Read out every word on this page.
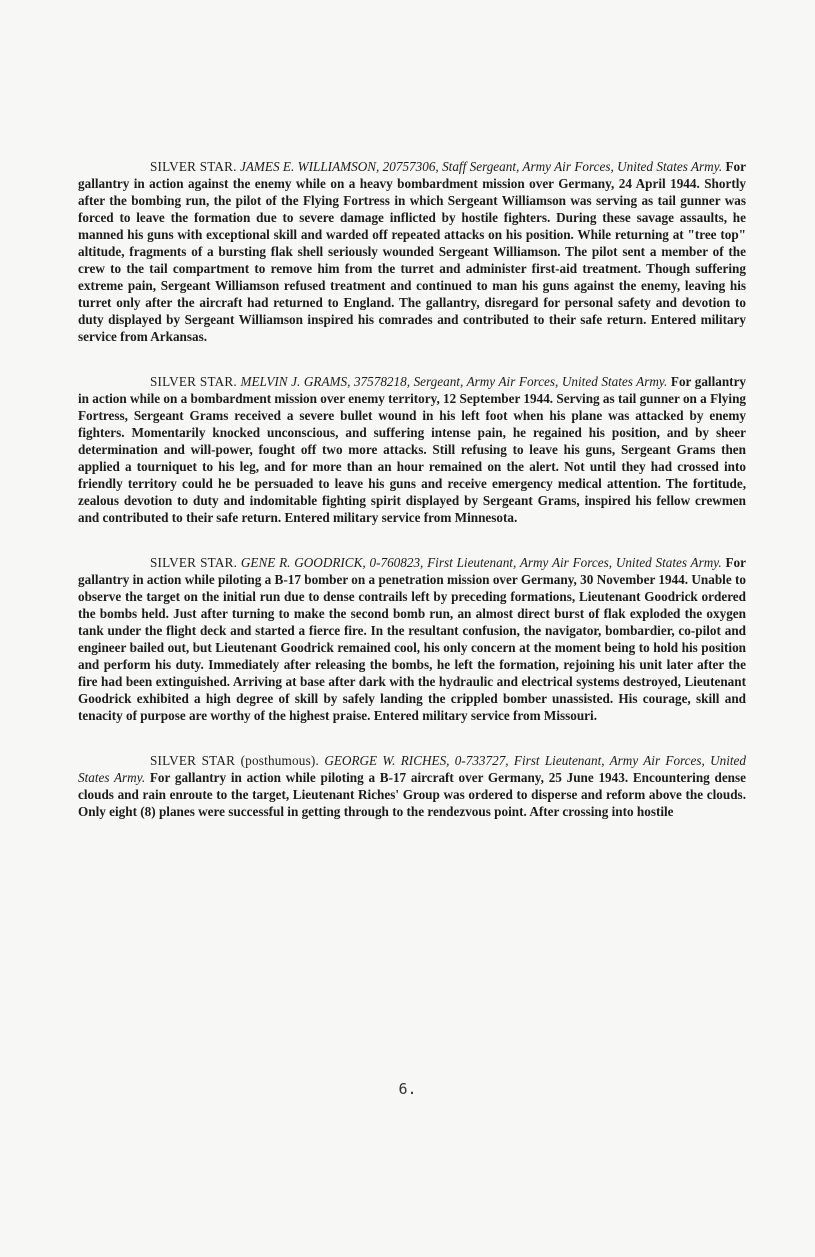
SILVER STAR. JAMES E. WILLIAMSON, 20757306, Staff Sergeant, Army Air Forces, United States Army. For gallantry in action against the enemy while on a heavy bombardment mission over Germany, 24 April 1944. Shortly after the bombing run, the pilot of the Flying Fortress in which Sergeant Williamson was serving as tail gunner was forced to leave the formation due to severe damage inflicted by hostile fighters. During these savage assaults, he manned his guns with exceptional skill and warded off repeated attacks on his position. While returning at "tree top" altitude, fragments of a bursting flak shell seriously wounded Sergeant Williamson. The pilot sent a member of the crew to the tail compartment to remove him from the turret and administer first-aid treatment. Though suffering extreme pain, Sergeant Williamson refused treatment and continued to man his guns against the enemy, leaving his turret only after the aircraft had returned to England. The gallantry, disregard for personal safety and devotion to duty displayed by Sergeant Williamson inspired his comrades and contributed to their safe return. Entered military service from Arkansas.

SILVER STAR. MELVIN J. GRAMS, 37578218, Sergeant, Army Air Forces, United States Army. For gallantry in action while on a bombardment mission over enemy territory, 12 September 1944. Serving as tail gunner on a Flying Fortress, Sergeant Grams received a severe bullet wound in his left foot when his plane was attacked by enemy fighters. Momentarily knocked unconscious, and suffering intense pain, he regained his position, and by sheer determination and will-power, fought off two more attacks. Still refusing to leave his guns, Sergeant Grams then applied a tourniquet to his leg, and for more than an hour remained on the alert. Not until they had crossed into friendly territory could he be persuaded to leave his guns and receive emergency medical attention. The fortitude, zealous devotion to duty and indomitable fighting spirit displayed by Sergeant Grams, inspired his fellow crewmen and contributed to their safe return. Entered military service from Minnesota.

SILVER STAR. GENE R. GOODRICK, 0-760823, First Lieutenant, Army Air Forces, United States Army. For gallantry in action while piloting a B-17 bomber on a penetration mission over Germany, 30 November 1944. Unable to observe the target on the initial run due to dense contrails left by preceding formations, Lieutenant Goodrick ordered the bombs held. Just after turning to make the second bomb run, an almost direct burst of flak exploded the oxygen tank under the flight deck and started a fierce fire. In the resultant confusion, the navigator, bombardier, co-pilot and engineer bailed out, but Lieutenant Goodrick remained cool, his only concern at the moment being to hold his position and perform his duty. Immediately after releasing the bombs, he left the formation, rejoining his unit later after the fire had been extinguished. Arriving at base after dark with the hydraulic and electrical systems destroyed, Lieutenant Goodrick exhibited a high degree of skill by safely landing the crippled bomber unassisted. His courage, skill and tenacity of purpose are worthy of the highest praise. Entered military service from Missouri.

SILVER STAR (posthumous). GEORGE W. RICHES, 0-733727, First Lieutenant, Army Air Forces, United States Army. For gallantry in action while piloting a B-17 aircraft over Germany, 25 June 1943. Encountering dense clouds and rain enroute to the target, Lieutenant Riches' Group was ordered to disperse and reform above the clouds. Only eight (8) planes were successful in getting through to the rendezvous point. After crossing into hostile

6.
